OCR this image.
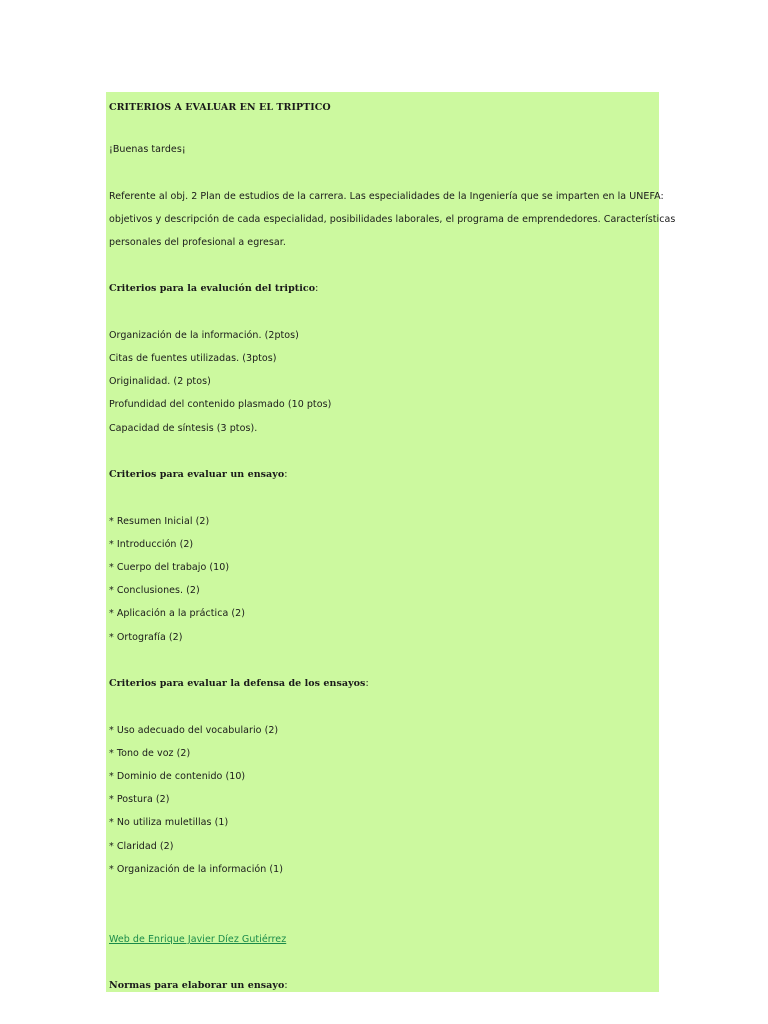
CRITERIOS A EVALUAR EN EL TRIPTICO
¡Buenas tardes¡
Referente al obj. 2 Plan de estudios de la carrera. Las especialidades de la Ingeniería que se imparten en la UNEFA:
objetivos y descripción de cada especialidad, posibilidades laborales, el programa de emprendedores. Características
personales del profesional a egresar.
Criterios para la evalución del triptico:
Organización de la información. (2ptos)
Citas de fuentes utilizadas. (3ptos)
Originalidad. (2 ptos)
Profundidad del contenido plasmado (10 ptos)
Capacidad de síntesis (3 ptos).
Criterios para evaluar un ensayo:
* Resumen Inicial (2)
* Introducción (2)
* Cuerpo del trabajo (10)
* Conclusiones. (2)
* Aplicación a la práctica (2)
* Ortografía (2)
Criterios para evaluar la defensa de los ensayos:
* Uso adecuado del vocabulario (2)
* Tono de voz (2)
* Dominio de contenido (10)
* Postura (2)
* No utiliza muletillas (1)
* Claridad (2)
* Organización de la información (1)
Web de Enrique Javier Díez Gutiérrez
Normas para elaborar un ensayo:
